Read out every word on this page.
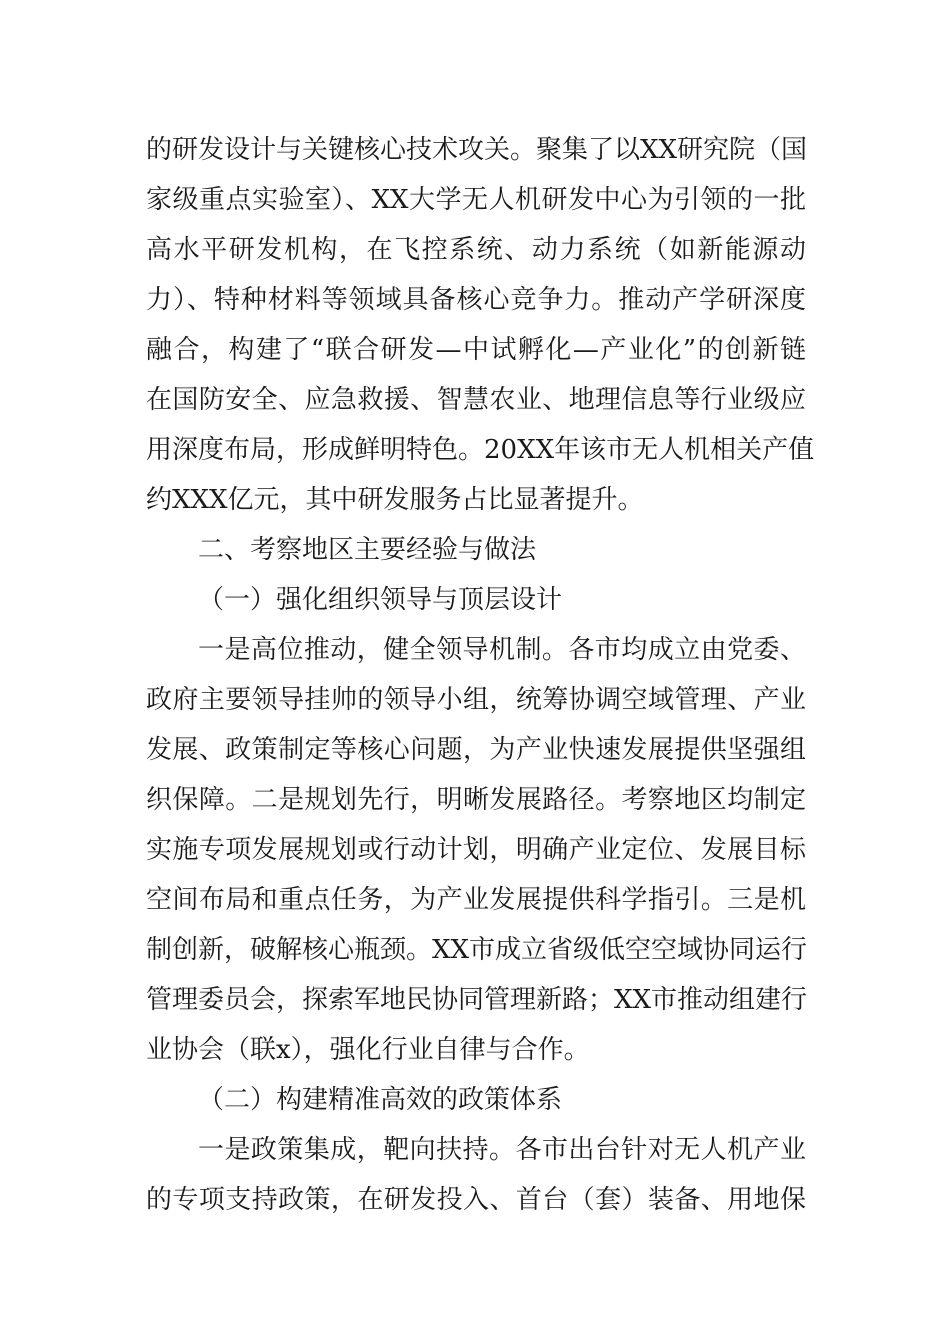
的研发设计与关键核心技术攻关。聚集了以XX研究院（国
家级重点实验室）、XX大学无人机研发中心为引领的一批
高水平研发机构，在飞控系统、动力系统（如新能源动
力）、特种材料等领域具备核心竞争力。推动产学研深度
融合，构建了“联合研发—中试孵化—产业化”的创新链
在国防安全、应急救援、智慧农业、地理信息等行业级应
用深度布局，形成鲜明特色。20XX年该市无人机相关产值
约XXX亿元，其中研发服务占比显著提升。
二、考察地区主要经验与做法
（一）强化组织领导与顶层设计
一是高位推动，健全领导机制。各市均成立由党委、
政府主要领导挂帅的领导小组，统筹协调空域管理、产业
发展、政策制定等核心问题，为产业快速发展提供坚强组
织保障。二是规划先行，明晰发展路径。考察地区均制定
实施专项发展规划或行动计划，明确产业定位、发展目标
空间布局和重点任务，为产业发展提供科学指引。三是机
制创新，破解核心瓶颈。XX市成立省级低空空域协同运行
管理委员会，探索军地民协同管理新路；XX市推动组建行
业协会（联x），强化行业自律与合作。
（二）构建精准高效的政策体系
一是政策集成，靶向扶持。各市出台针对无人机产业
的专项支持政策，在研发投入、首台（套）装备、用地保
